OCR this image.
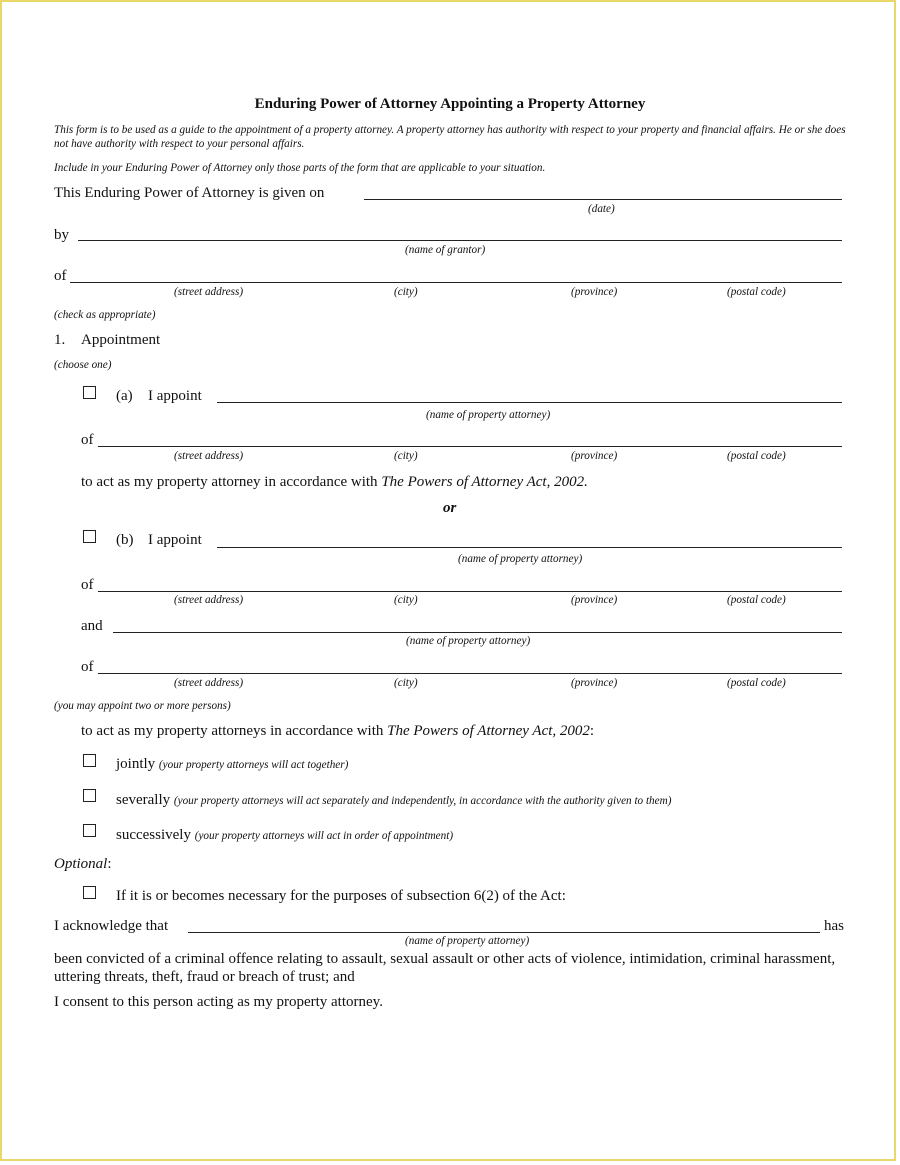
Enduring Power of Attorney Appointing a Property Attorney
This form is to be used as a guide to the appointment of a property attorney. A property attorney has authority with respect to your property and financial affairs. He or she does not have authority with respect to your personal affairs.
Include in your Enduring Power of Attorney only those parts of the form that are applicable to your situation.
This Enduring Power of Attorney is given on
(date)
by
(name of grantor)
of
(street address)	(city)	(province)	(postal code)
(check as appropriate)
1. Appointment
(choose one)
(a) I appoint
(name of property attorney)
of
(street address)	(city)	(province)	(postal code)
to act as my property attorney in accordance with The Powers of Attorney Act, 2002.
or
(b) I appoint
(name of property attorney)
of
(street address)	(city)	(province)	(postal code)
and
(name of property attorney)
of
(street address)	(city)	(province)	(postal code)
(you may appoint two or more persons)
to act as my property attorneys in accordance with The Powers of Attorney Act, 2002:
jointly (your property attorneys will act together)
severally (your property attorneys will act separately and independently, in accordance with the authority given to them)
successively (your property attorneys will act in order of appointment)
Optional:
If it is or becomes necessary for the purposes of subsection 6(2) of the Act:
I acknowledge that	has
(name of property attorney)
been convicted of a criminal offence relating to assault, sexual assault or other acts of violence, intimidation, criminal harassment, uttering threats, theft, fraud or breach of trust; and
I consent to this person acting as my property attorney.
